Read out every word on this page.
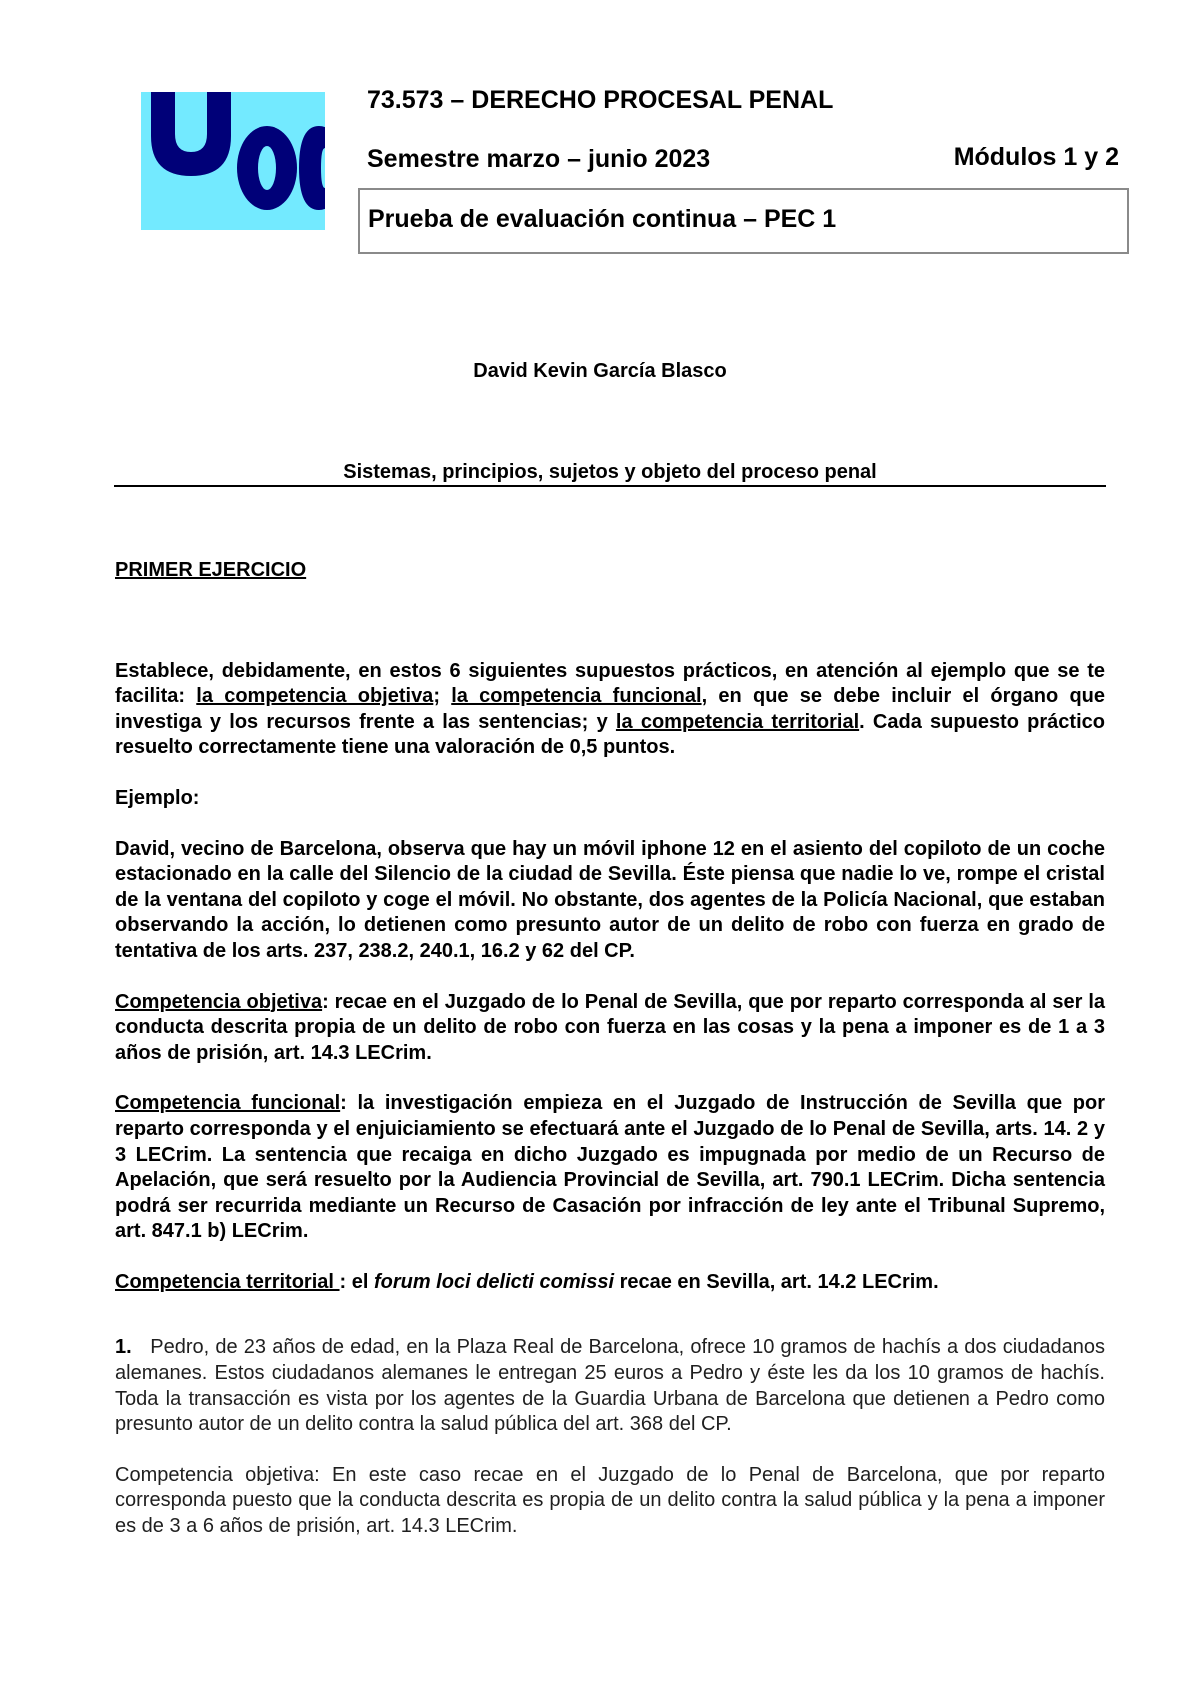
73.573 – DERECHO PROCESAL PENAL
Semestre marzo – junio 2023	Módulos 1 y 2
Prueba de evaluación continua – PEC 1
David Kevin García Blasco
Sistemas, principios, sujetos y objeto del proceso penal

PRIMER EJERCICIO

Establece, debidamente, en estos 6 siguientes supuestos prácticos, en atención al ejemplo que se te facilita: la competencia objetiva; la competencia funcional, en que se debe incluir el órgano que investiga y los recursos frente a las sentencias; y la competencia territorial. Cada supuesto práctico resuelto correctamente tiene una valoración de 0,5 puntos.

Ejemplo:

David, vecino de Barcelona, observa que hay un móvil iphone 12 en el asiento del copiloto de un coche estacionado en la calle del Silencio de la ciudad de Sevilla. Éste piensa que nadie lo ve, rompe el cristal de la ventana del copiloto y coge el móvil. No obstante, dos agentes de la Policía Nacional, que estaban observando la acción, lo detienen como presunto autor de un delito de robo con fuerza en grado de tentativa de los arts. 237, 238.2, 240.1, 16.2 y 62 del CP.

Competencia objetiva: recae en el Juzgado de lo Penal de Sevilla, que por reparto corresponda al ser la conducta descrita propia de un delito de robo con fuerza en las cosas y la pena a imponer es de 1 a 3 años de prisión, art. 14.3 LECrim.

Competencia funcional: la investigación empieza en el Juzgado de Instrucción de Sevilla que por reparto corresponda y el enjuiciamiento se efectuará ante el Juzgado de lo Penal de Sevilla, arts. 14. 2 y 3 LECrim. La sentencia que recaiga en dicho Juzgado es impugnada por medio de un Recurso de Apelación, que será resuelto por la Audiencia Provincial de Sevilla, art. 790.1 LECrim. Dicha sentencia podrá ser recurrida mediante un Recurso de Casación por infracción de ley ante el Tribunal Supremo, art. 847.1 b) LECrim.

Competencia territorial : el forum loci delicti comissi recae en Sevilla, art. 14.2 LECrim.

1.   Pedro, de 23 años de edad, en la Plaza Real de Barcelona, ofrece 10 gramos de hachís a dos ciudadanos alemanes. Estos ciudadanos alemanes le entregan 25 euros a Pedro y éste les da los 10 gramos de hachís. Toda la transacción es vista por los agentes de la Guardia Urbana de Barcelona que detienen a Pedro como presunto autor de un delito contra la salud pública del art. 368 del CP.

Competencia objetiva: En este caso recae en el Juzgado de lo Penal de Barcelona, que por reparto corresponda puesto que la conducta descrita es propia de un delito contra la salud pública y la pena a imponer es de 3 a 6 años de prisión, art. 14.3 LECrim.
